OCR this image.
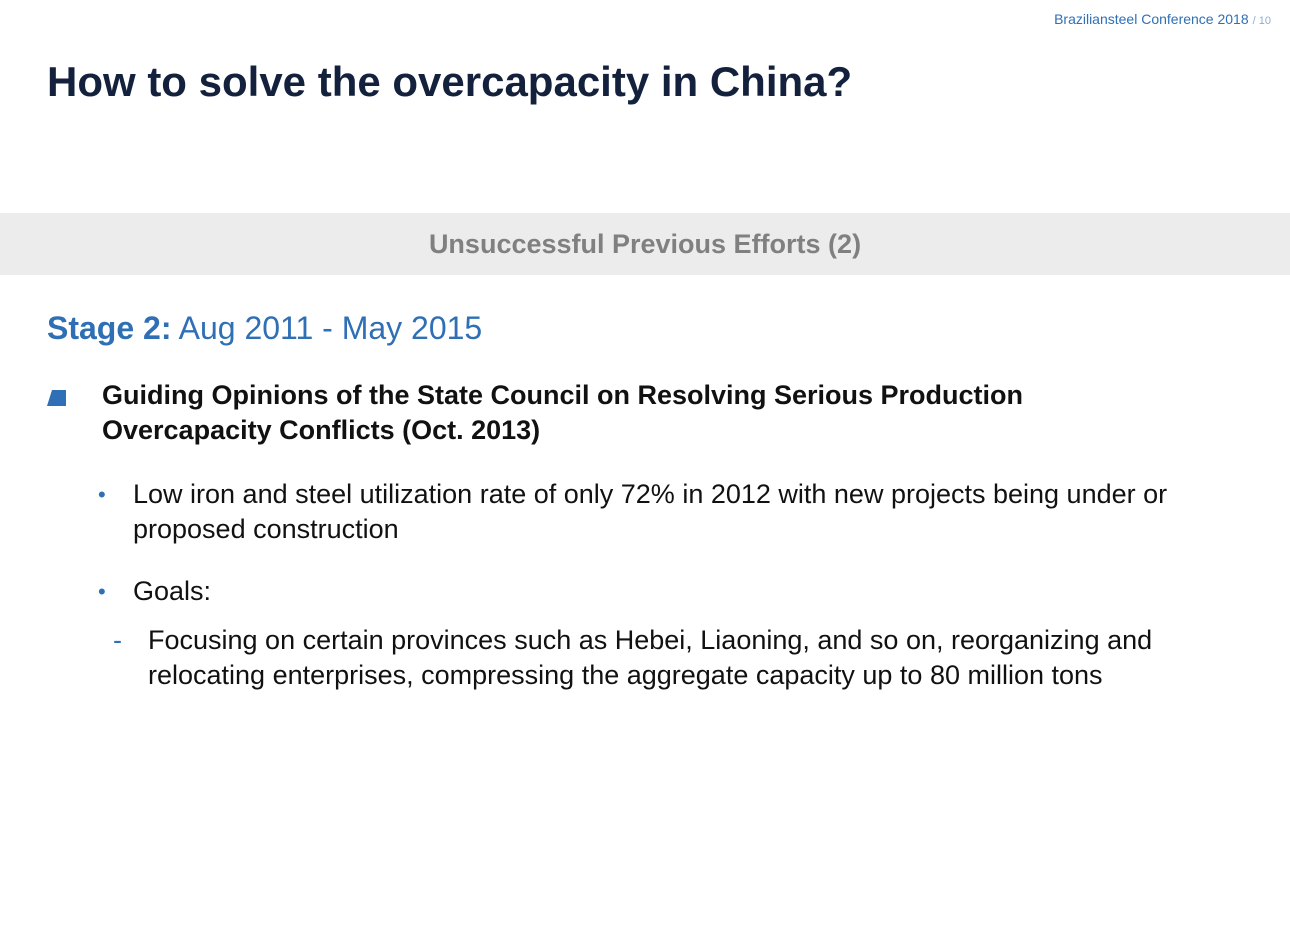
Braziliansteel Conference 2018 / 10
How to solve the overcapacity in China?
Unsuccessful Previous Efforts (2)
Stage 2: Aug 2011 - May 2015
Guiding Opinions of the State Council on Resolving Serious Production Overcapacity Conflicts (Oct. 2013)
• Low iron and steel utilization rate of only 72% in 2012 with new projects being under or proposed construction
• Goals:
- Focusing on certain provinces such as Hebei, Liaoning, and so on, reorganizing and relocating enterprises, compressing the aggregate capacity up to 80 million tons
